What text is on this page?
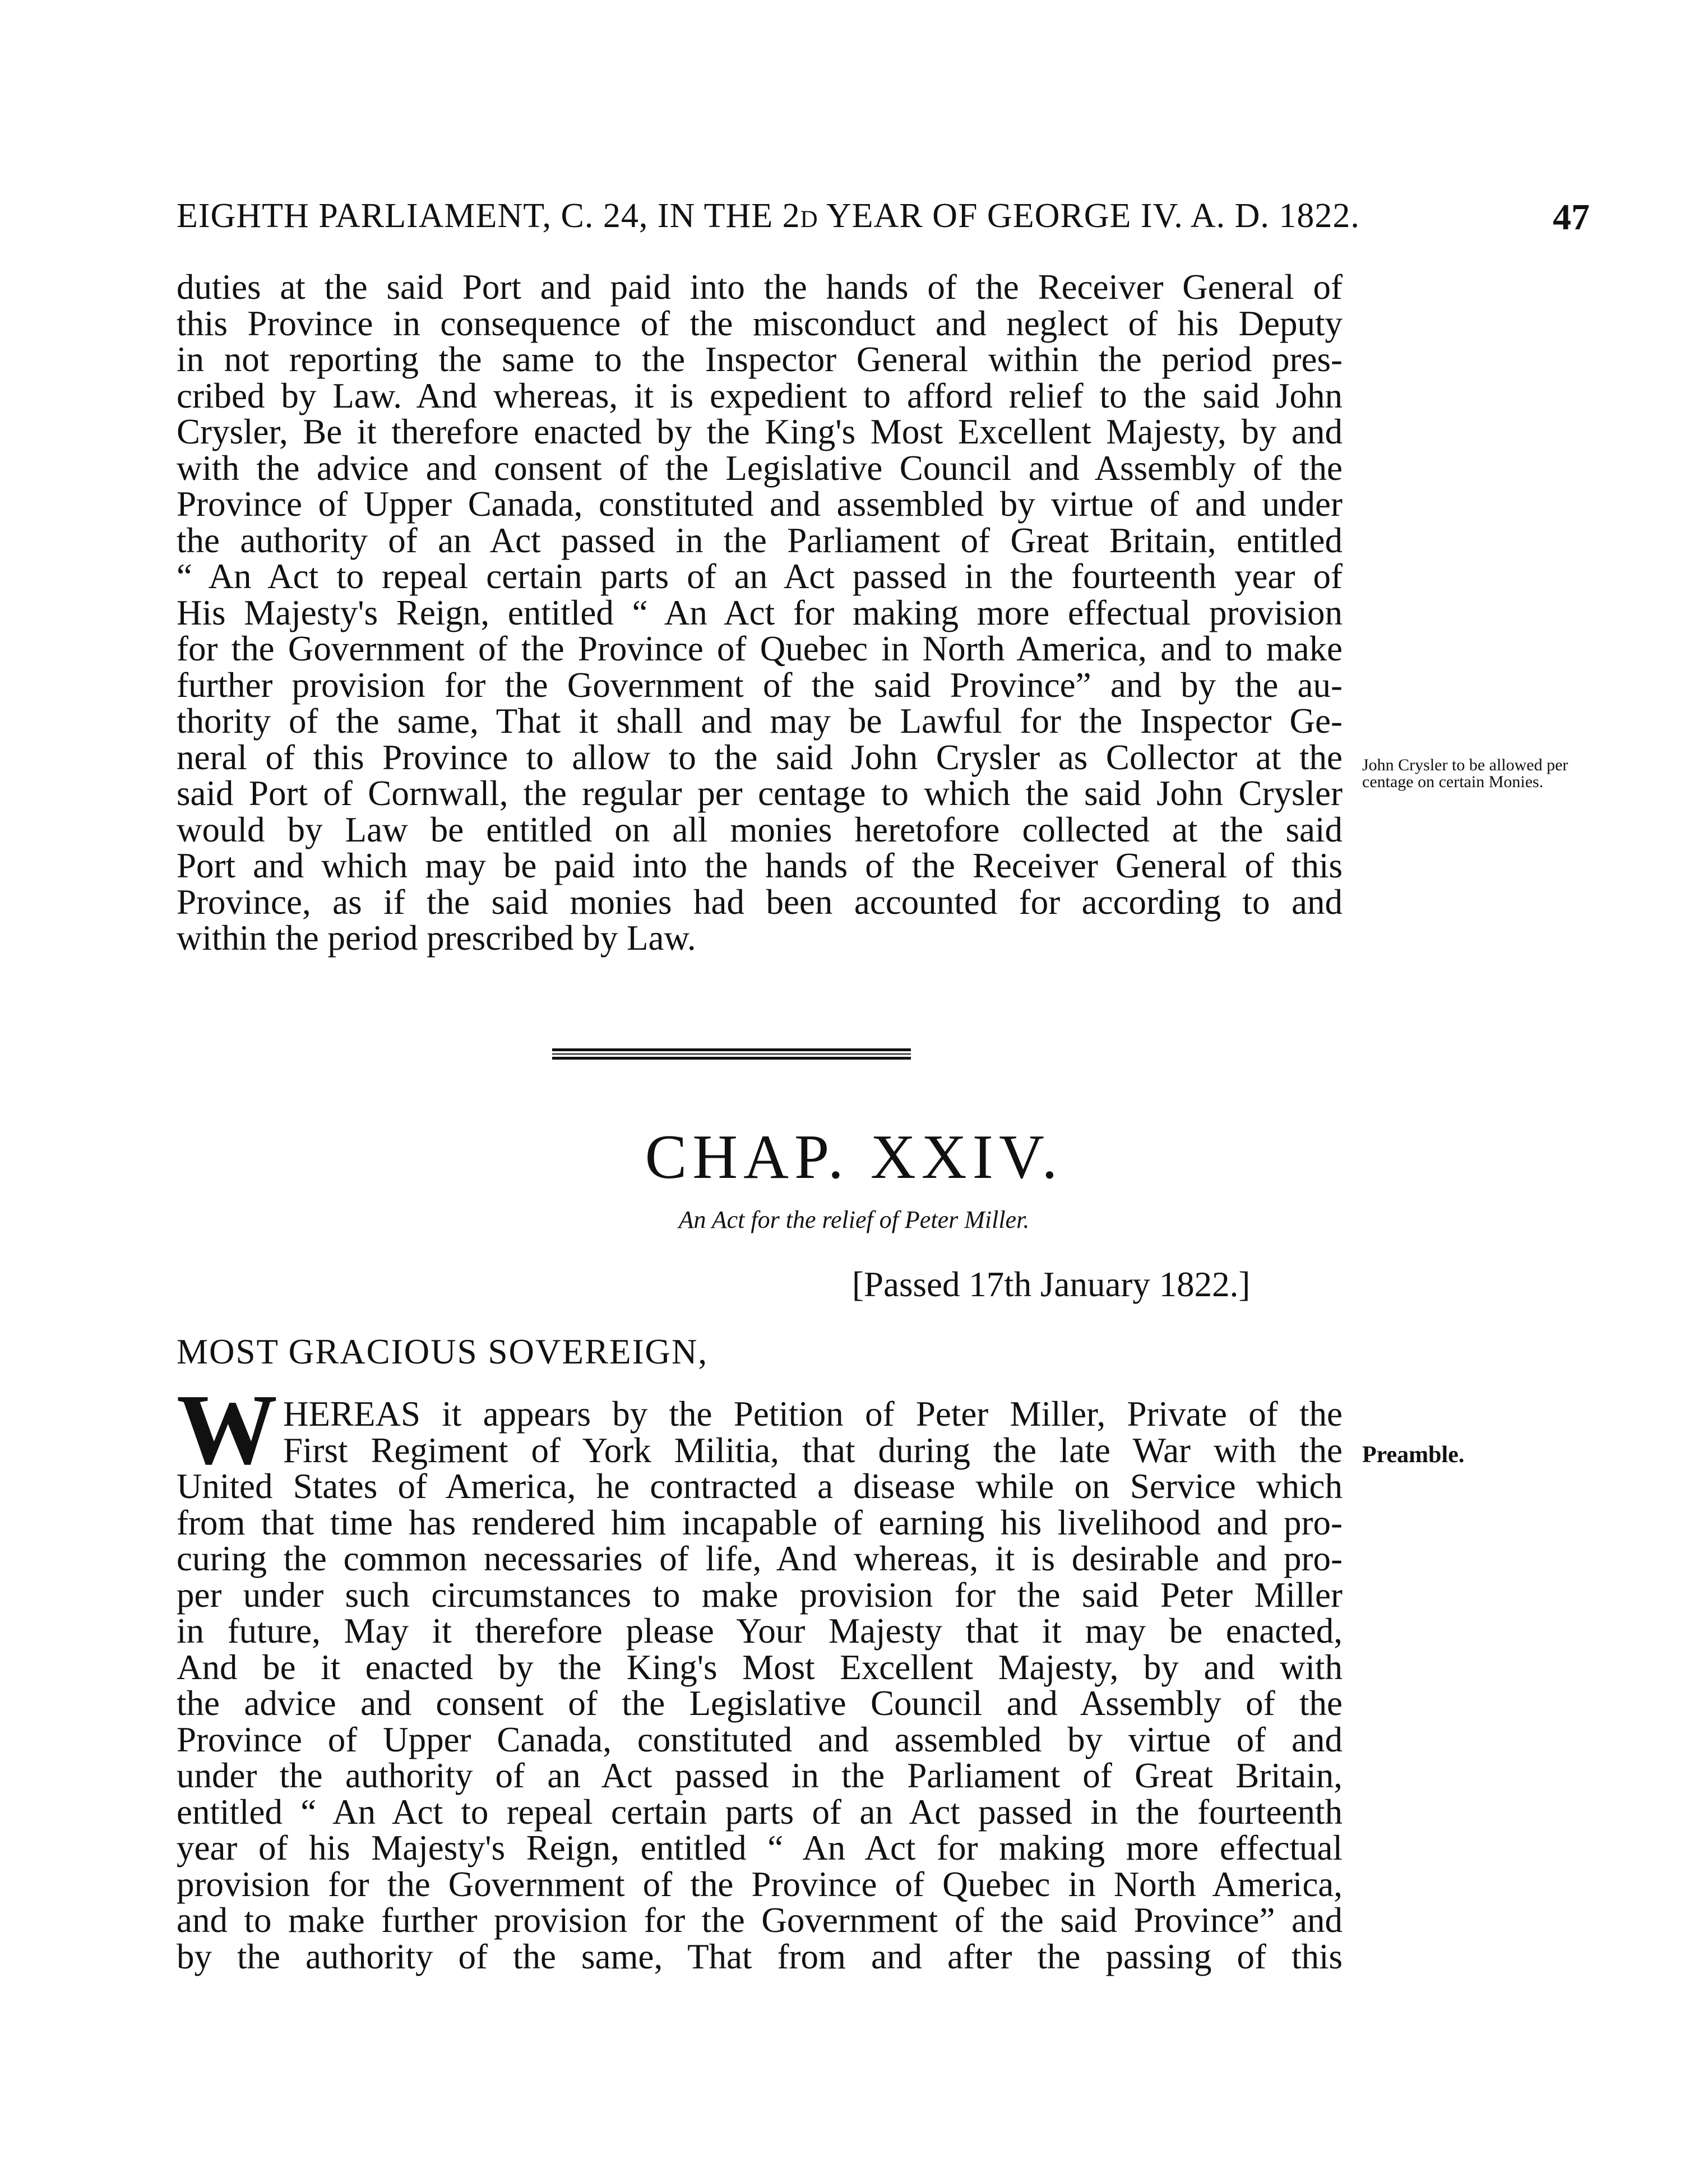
EIGHTH PARLIAMENT, C. 24, IN THE 2d YEAR OF GEORGE IV. A. D. 1822.	47
duties at the said Port and paid into the hands of the Receiver General of
this Province in consequence of the misconduct and neglect of his Deputy
in not reporting the same to the Inspector General within the period pres-
cribed by Law. And whereas, it is expedient to afford relief to the said John
Crysler, Be it therefore enacted by the King's Most Excellent Majesty, by and
with the advice and consent of the Legislative Council and Assembly of the
Province of Upper Canada, constituted and assembled by virtue of and under
the authority of an Act passed in the Parliament of Great Britain, entitled
“ An Act to repeal certain parts of an Act passed in the fourteenth year of
His Majesty's Reign, entitled “ An Act for making more effectual provision
for the Government of the Province of Quebec in North America, and to make
further provision for the Government of the said Province” and by the au-
thority of the same, That it shall and may be Lawful for the Inspector Ge-
neral of this Province to allow to the said John Crysler as Collector at the
said Port of Cornwall, the regular per centage to which the said John Crysler
would by Law be entitled on all monies heretofore collected at the said
Port and which may be paid into the hands of the Receiver General of this
Province, as if the said monies had been accounted for according to and
within the period prescribed by Law.
John Crysler to be allowed per centage on certain Monies.
CHAP. XXIV.
An Act for the relief of Peter Miller.
[Passed 17th January 1822.]
MOST GRACIOUS SOVEREIGN,
W HEREAS it appears by the Petition of Peter Miller, Private of the
First Regiment of York Militia, that during the late War with the
United States of America, he contracted a disease while on Service which
from that time has rendered him incapable of earning his livelihood and pro-
curing the common necessaries of life, And whereas, it is desirable and pro-
per under such circumstances to make provision for the said Peter Miller
in future, May it therefore please Your Majesty that it may be enacted,
And be it enacted by the King's Most Excellent Majesty, by and with
the advice and consent of the Legislative Council and Assembly of the
Province of Upper Canada, constituted and assembled by virtue of and
under the authority of an Act passed in the Parliament of Great Britain,
entitled “ An Act to repeal certain parts of an Act passed in the fourteenth
year of his Majesty's Reign, entitled “ An Act for making more effectual
provision for the Government of the Province of Quebec in North America,
and to make further provision for the Government of the said Province” and
by the authority of the same, That from and after the passing of this
Preamble.
